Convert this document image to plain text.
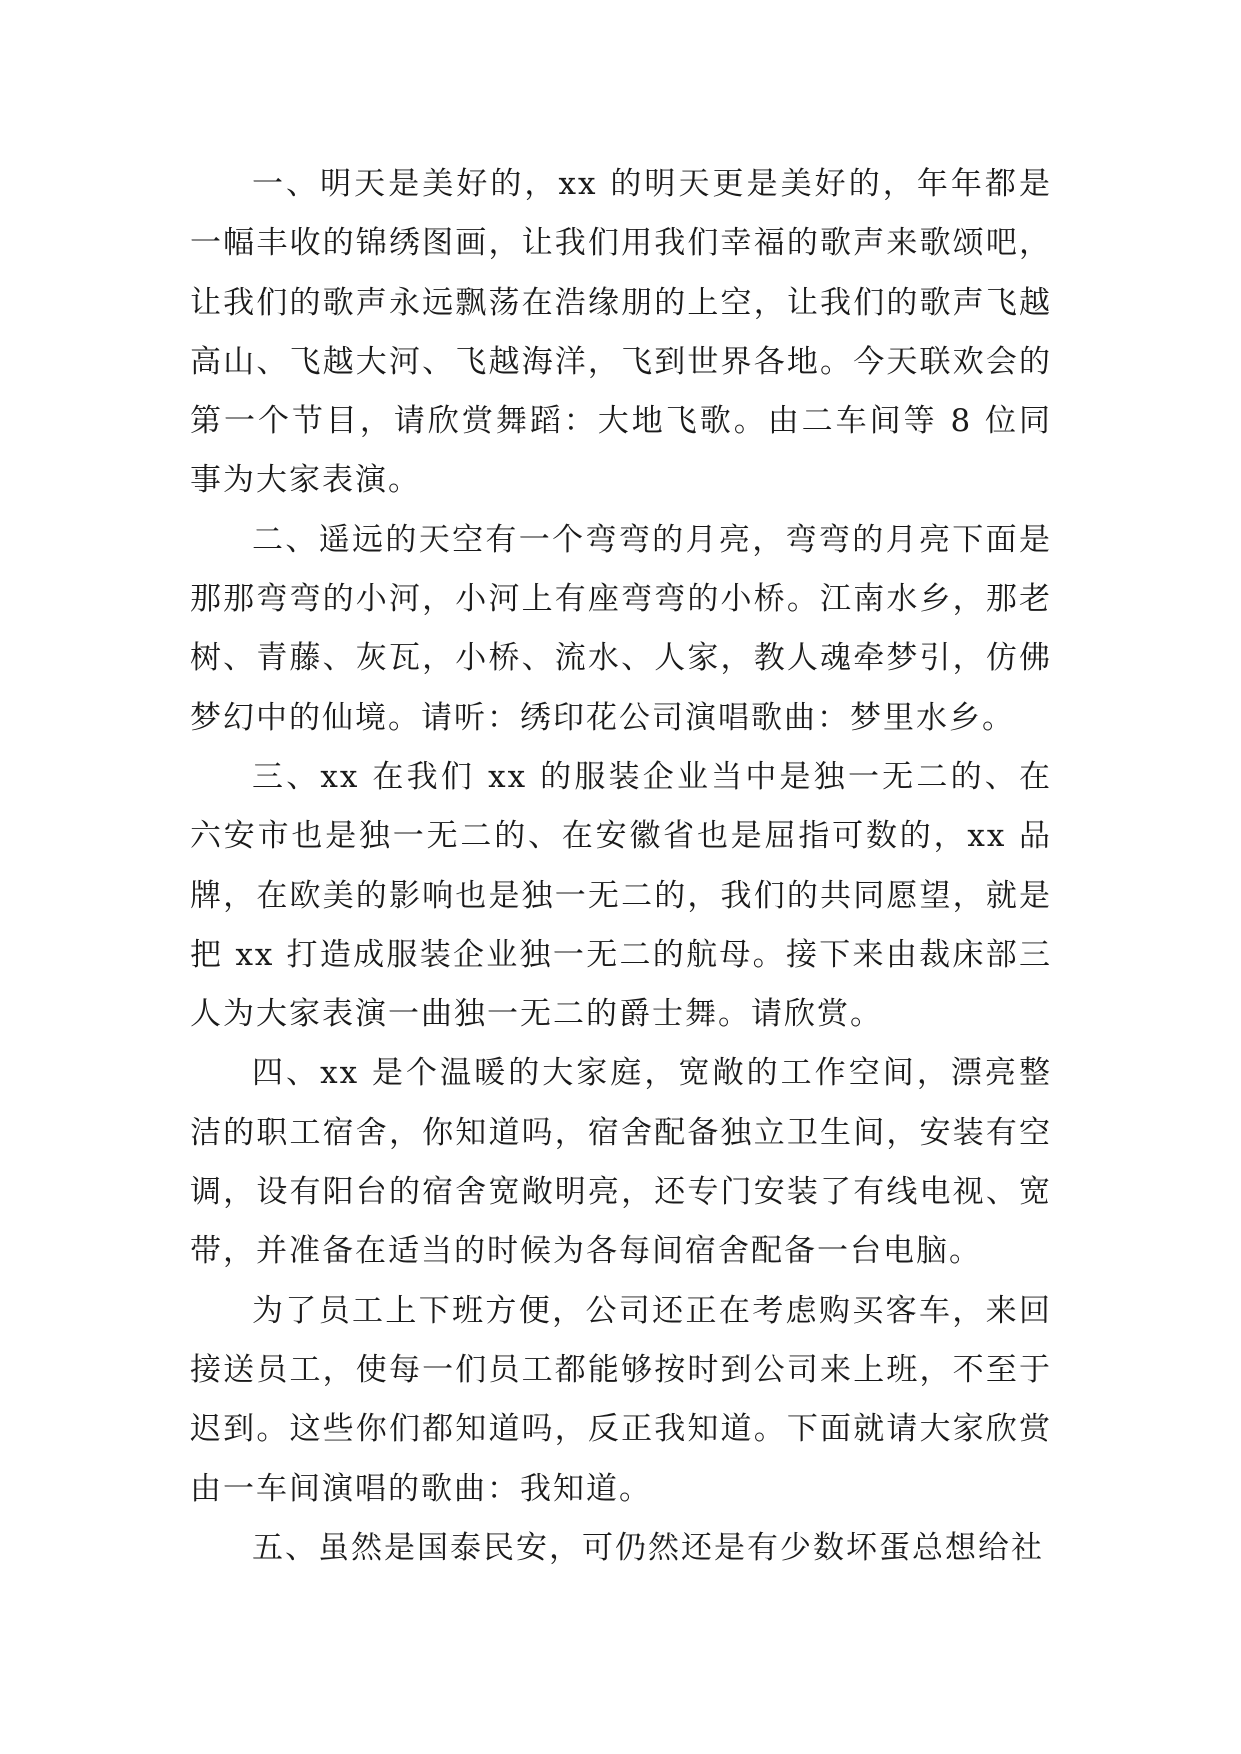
一、明天是美好的，xx 的明天更是美好的，年年都是一幅丰收的锦绣图画，让我们用我们幸福的歌声来歌颂吧，让我们的歌声永远飘荡在浩缘朋的上空，让我们的歌声飞越高山、飞越大河、飞越海洋，飞到世界各地。今天联欢会的第一个节目，请欣赏舞蹈：大地飞歌。由二车间等 8 位同事为大家表演。

二、遥远的天空有一个弯弯的月亮，弯弯的月亮下面是那那弯弯的小河，小河上有座弯弯的小桥。江南水乡，那老树、青藤、灰瓦，小桥、流水、人家，教人魂牵梦引，仿佛梦幻中的仙境。请听：绣印花公司演唱歌曲：梦里水乡。

三、xx 在我们 xx 的服装企业当中是独一无二的、在六安市也是独一无二的、在安徽省也是屈指可数的，xx 品牌，在欧美的影响也是独一无二的，我们的共同愿望，就是把 xx 打造成服装企业独一无二的航母。接下来由裁床部三人为大家表演一曲独一无二的爵士舞。请欣赏。

四、xx 是个温暖的大家庭，宽敞的工作空间，漂亮整洁的职工宿舍，你知道吗，宿舍配备独立卫生间，安装有空调，设有阳台的宿舍宽敞明亮，还专门安装了有线电视、宽带，并准备在适当的时候为各每间宿舍配备一台电脑。

为了员工上下班方便，公司还正在考虑购买客车，来回接送员工，使每一们员工都能够按时到公司来上班，不至于迟到。这些你们都知道吗，反正我知道。下面就请大家欣赏由一车间演唱的歌曲：我知道。

五、虽然是国泰民安，可仍然还是有少数坏蛋总想给社
